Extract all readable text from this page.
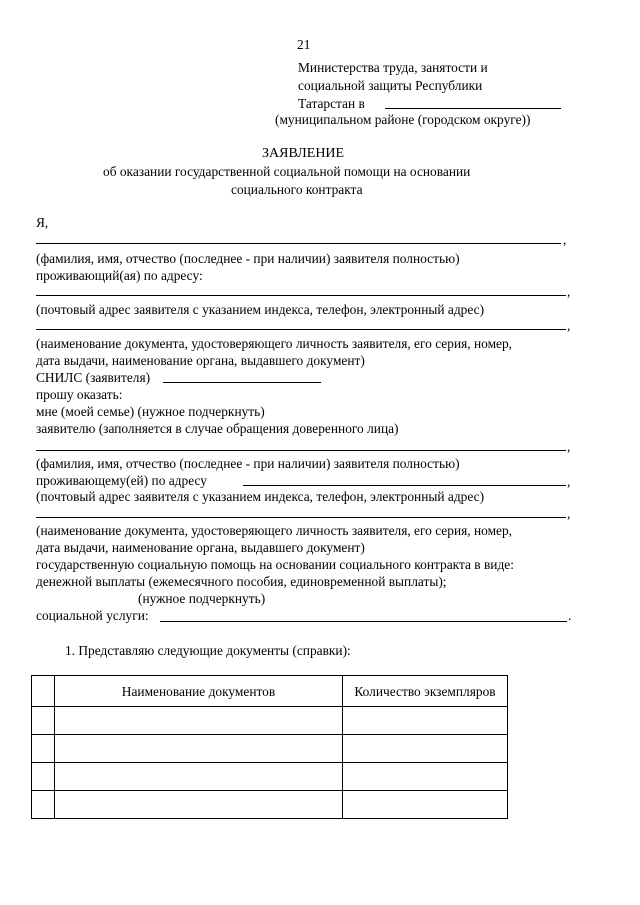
21
Министерства труда, занятости и
социальной защиты Республики
Татарстан в
(муниципальном районе (городском округе))
ЗАЯВЛЕНИЕ
об оказании государственной социальной помощи на основании
социального контракта
Я,
,
(фамилия, имя, отчество (последнее - при наличии) заявителя полностью)
проживающий(ая) по адресу:
,
(почтовый адрес заявителя с указанием индекса, телефон, электронный адрес)
,
(наименование документа, удостоверяющего личность заявителя, его серия, номер,
дата выдачи, наименование органа, выдавшего документ)
СНИЛС (заявителя)
прошу оказать:
мне (моей семье) (нужное подчеркнуть)
заявителю (заполняется в случае обращения доверенного лица)
,
(фамилия, имя, отчество (последнее - при наличии) заявителя полностью)
проживающему(ей) по адресу	,
(почтовый адрес заявителя с указанием индекса, телефон, электронный адрес)
,
(наименование документа, удостоверяющего личность заявителя, его серия, номер,
дата выдачи, наименование органа, выдавшего документ)
государственную социальную помощь на основании социального контракта в виде:
денежной выплаты (ежемесячного пособия, единовременной выплаты);
(нужное подчеркнуть)
социальной услуги:	.
1. Представляю следующие документы (справки):
	Наименование документов	Количество экземпляров
